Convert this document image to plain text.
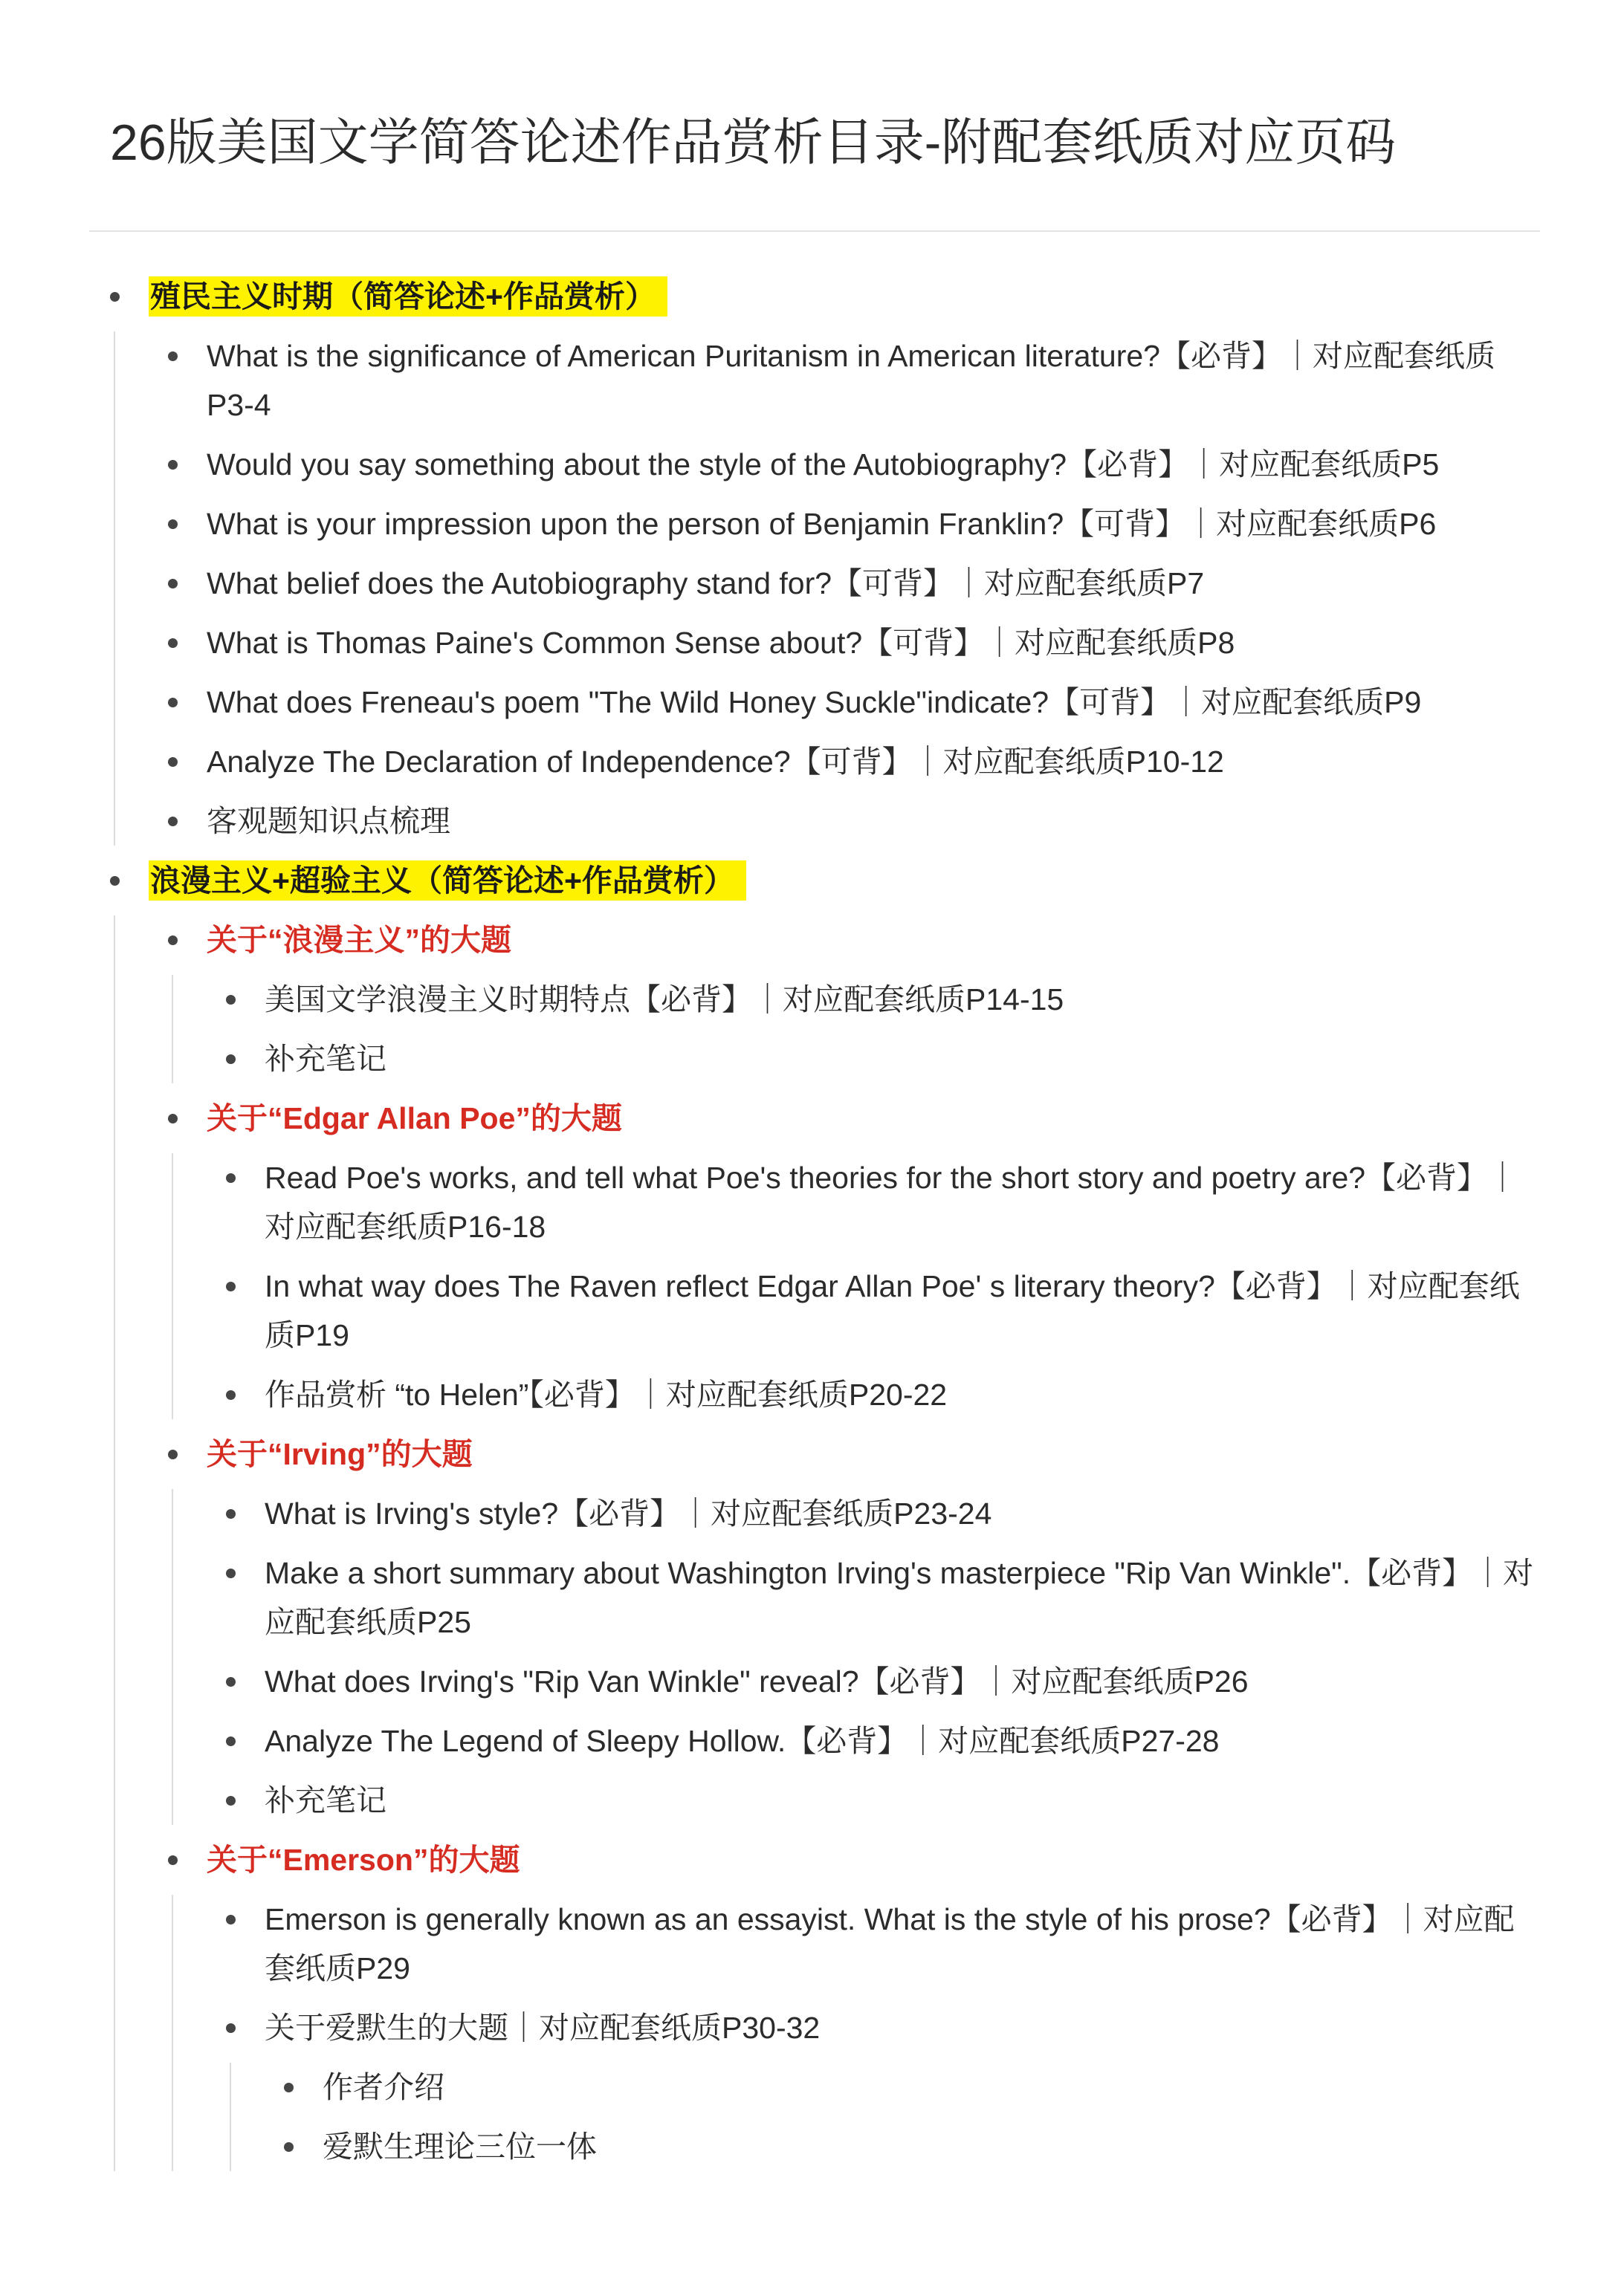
26版美国文学简答论述作品赏析目录-附配套纸质对应页码
殖民主义时期（简答论述+作品赏析）
What is the significance of American Puritanism in American literature?【必背】｜对应配套纸质P3-4
Would you say something about the style of the Autobiography?【必背】｜对应配套纸质P5
What is your impression upon the person of Benjamin Franklin?【可背】｜对应配套纸质P6
What belief does the Autobiography stand for?【可背】｜对应配套纸质P7
What is Thomas Paine's Common Sense about?【可背】｜对应配套纸质P8
What does Freneau's poem "The Wild Honey Suckle"indicate?【可背】｜对应配套纸质P9
Analyze The Declaration of Independence?【可背】｜对应配套纸质P10-12
客观题知识点梳理
浪漫主义+超验主义（简答论述+作品赏析）
关于“浪漫主义”的大题
美国文学浪漫主义时期特点【必背】｜对应配套纸质P14-15
补充笔记
关于“Edgar Allan Poe”的大题
Read Poe's works, and tell what Poe's theories for the short story and poetry are?【必背】｜对应配套纸质P16-18
In what way does The Raven reflect Edgar Allan Poe' s literary theory?【必背】｜对应配套纸质P19
作品赏析 “to Helen”【必背】｜对应配套纸质P20-22
关于“Irving”的大题
What is Irving's style?【必背】｜对应配套纸质P23-24
Make a short summary about Washington Irving's masterpiece "Rip Van Winkle".【必背】｜对应配套纸质P25
What does Irving's "Rip Van Winkle" reveal?【必背】｜对应配套纸质P26
Analyze The Legend of Sleepy Hollow.【必背】｜对应配套纸质P27-28
补充笔记
关于“Emerson”的大题
Emerson is generally known as an essayist. What is the style of his prose?【必背】｜对应配套纸质P29
关于爱默生的大题｜对应配套纸质P30-32
作者介绍
爱默生理论三位一体
